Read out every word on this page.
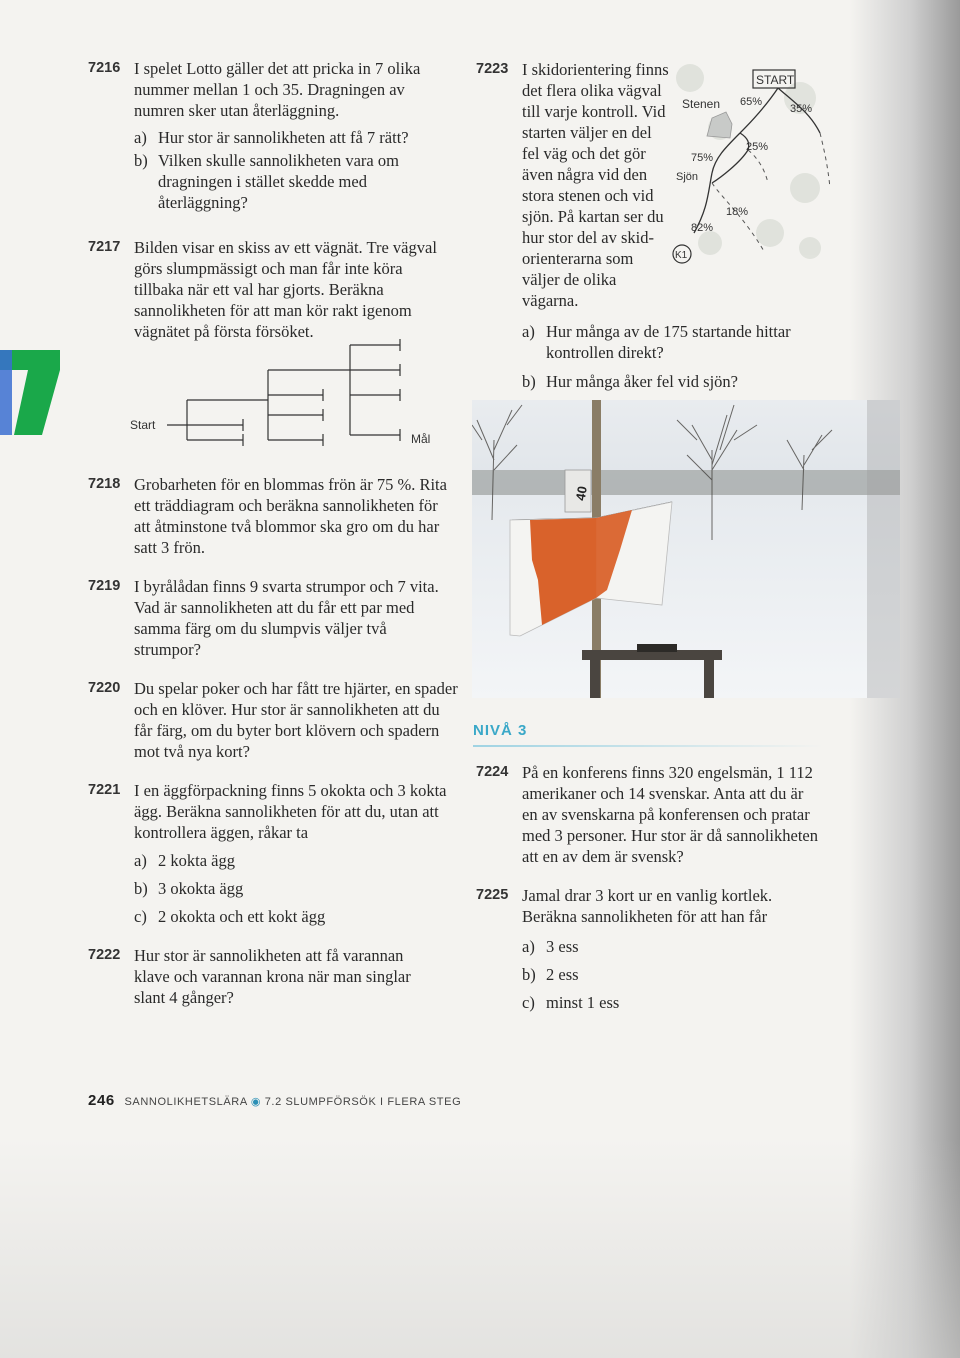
7216 I spelet Lotto gäller det att pricka in 7 olika nummer mellan 1 och 35. Dragningen av numren sker utan återläggning.

a) Hur stor är sannolikheten att få 7 rätt?
b) Vilken skulle sannolikheten vara om dragningen i stället skedde med återläggning?
7217 Bilden visar en skiss av ett vägnät. Tre vägval görs slumpmässigt och man får inte köra tillbaka när ett val har gjorts. Beräkna sannolikheten för att man kör rakt igenom vägnätet på första försöket.

Start
Mål
7218 Grobarheten för en blommas frön är 75 %. Rita ett träddiagram och beräkna sannolikheten för att åtminstone två blommor ska gro om du har satt 3 frön.

7219 I byrålådan finns 9 svarta strumpor och 7 vita. Vad är sannolikheten att du får ett par med samma färg om du slumpvis väljer två strumpor?

7220 Du spelar poker och har fått tre hjärter, en spader och en klöver. Hur stor är sannolikheten att du får färg, om du byter bort klövern och spadern mot två nya kort?

7221 I en äggförpackning finns 5 okokta och 3 kokta ägg. Beräkna sannolikheten för att du, utan att kontrollera äggen, råkar ta

a) 2 kokta ägg
b) 3 okokta ägg
c) 2 okokta och ett kokt ägg
7222 Hur stor är sannolikheten att få varannan klave och varannan krona när man singlar slant 4 gånger?

7223 I skidorientering finns det flera olika vägval till varje kontroll. Vid starten väljer en del fel väg och det gör även några vid den stora stenen och vid sjön. På kartan ser du hur stor del av skid-orienterarna som väljer de olika vägarna.

a) Hur många av de 175 startande hittar kontrollen direkt?
b) Hur många åker fel vid sjön?
START
Stenen
Sjön
65%
35%
25%
75%
18%
82%
K1
40
NIVÅ 3
7224 På en konferens finns 320 engelsmän, 1 112 amerikaner och 14 svenskar. Anta att du är en av svenskarna på konferensen och pratar med 3 personer. Hur stor är då sannolikheten att en av dem är svensk?

7225 Jamal drar 3 kort ur en vanlig kortlek. Beräkna sannolikheten för att han får

a) 3 ess
b) 2 ess
c) minst 1 ess
246 SANNOLIKHETSLÄRA ◉ 7.2 SLUMPFÖRSÖK I FLERA STEG
